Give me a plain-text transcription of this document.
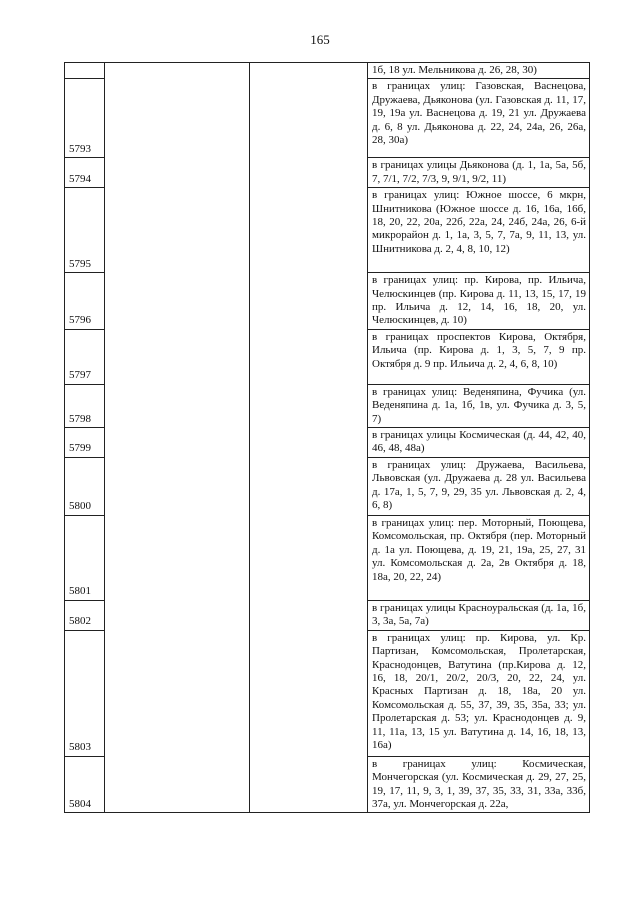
165
			1б, 18 ул. Мельникова д. 26, 28, 30)
5793			в границах улиц: Газовская, Васнецова, Дружаева, Дьяконова (ул. Газовская д. 11, 17, 19, 19а ул. Васнецова д. 19, 21 ул. Дружаева д. 6, 8 ул. Дьяконова д. 22, 24, 24а, 26, 26а, 28, 30а)
5794			в границах улицы Дьяконова (д. 1, 1а, 5а, 5б, 7, 7/1, 7/2, 7/3, 9, 9/1, 9/2, 11)
5795			в границах улиц: Южное шоссе, 6 мкрн, Шнитникова (Южное шоссе д. 16, 16а, 16б, 18, 20, 22, 20а, 22б, 22а, 24, 24б, 24а, 26, 6-й микрорайон д. 1, 1а, 3, 5, 7, 7а, 9, 11, 13, ул. Шнитникова д. 2, 4, 8, 10, 12)
5796			в границах улиц: пр. Кирова, пр. Ильича, Челюскинцев (пр. Кирова д. 11, 13, 15, 17, 19 пр. Ильича д. 12, 14, 16, 18, 20, ул. Челюскинцев, д. 10)
5797			в границах проспектов Кирова, Октября, Ильича (пр. Кирова д. 1, 3, 5, 7, 9 пр. Октября д. 9 пр. Ильича д. 2, 4, 6, 8, 10)
5798			в границах улиц: Веденяпина, Фучика (ул. Веденяпина д. 1а, 1б, 1в, ул. Фучика д. 3, 5, 7)
5799			в границах улицы Космическая (д. 44, 42, 40, 46, 48, 48а)
5800			в границах улиц: Дружаева, Васильева, Львовская (ул. Дружаева д. 28 ул. Васильева д. 17а, 1, 5, 7, 9, 29, 35 ул. Львовская д. 2, 4, 6, 8)
5801			в границах улиц: пер. Моторный, Поющева, Комсомольская, пр. Октября (пер. Моторный д. 1а ул. Поющева, д. 19, 21, 19а, 25, 27, 31 ул. Комсомольская д. 2а, 2в Октября д. 18, 18а, 20, 22, 24)
5802			в границах улицы Красноуральская (д. 1а, 1б, 3, 3а, 5а, 7а)
5803			в границах улиц: пр. Кирова, ул. Кр. Партизан, Комсомольская, Пролетарская, Краснодонцев, Ватутина (пр.Кирова д. 12, 16, 18, 20/1, 20/2, 20/3, 20, 22, 24, ул. Красных Партизан д. 18, 18а, 20 ул. Комсомольская д. 55, 37, 39, 35, 35а, 33; ул. Пролетарская д. 53; ул. Краснодонцев д. 9, 11, 11а, 13, 15 ул. Ватутина д. 14, 16, 18, 13, 16а)
5804			в границах улиц: Космическая, Мончегорская (ул. Космическая д. 29, 27, 25, 19, 17, 11, 9, 3, 1, 39, 37, 35, 33, 31, 33а, 33б, 37а, ул. Мончегорская д. 22а,
